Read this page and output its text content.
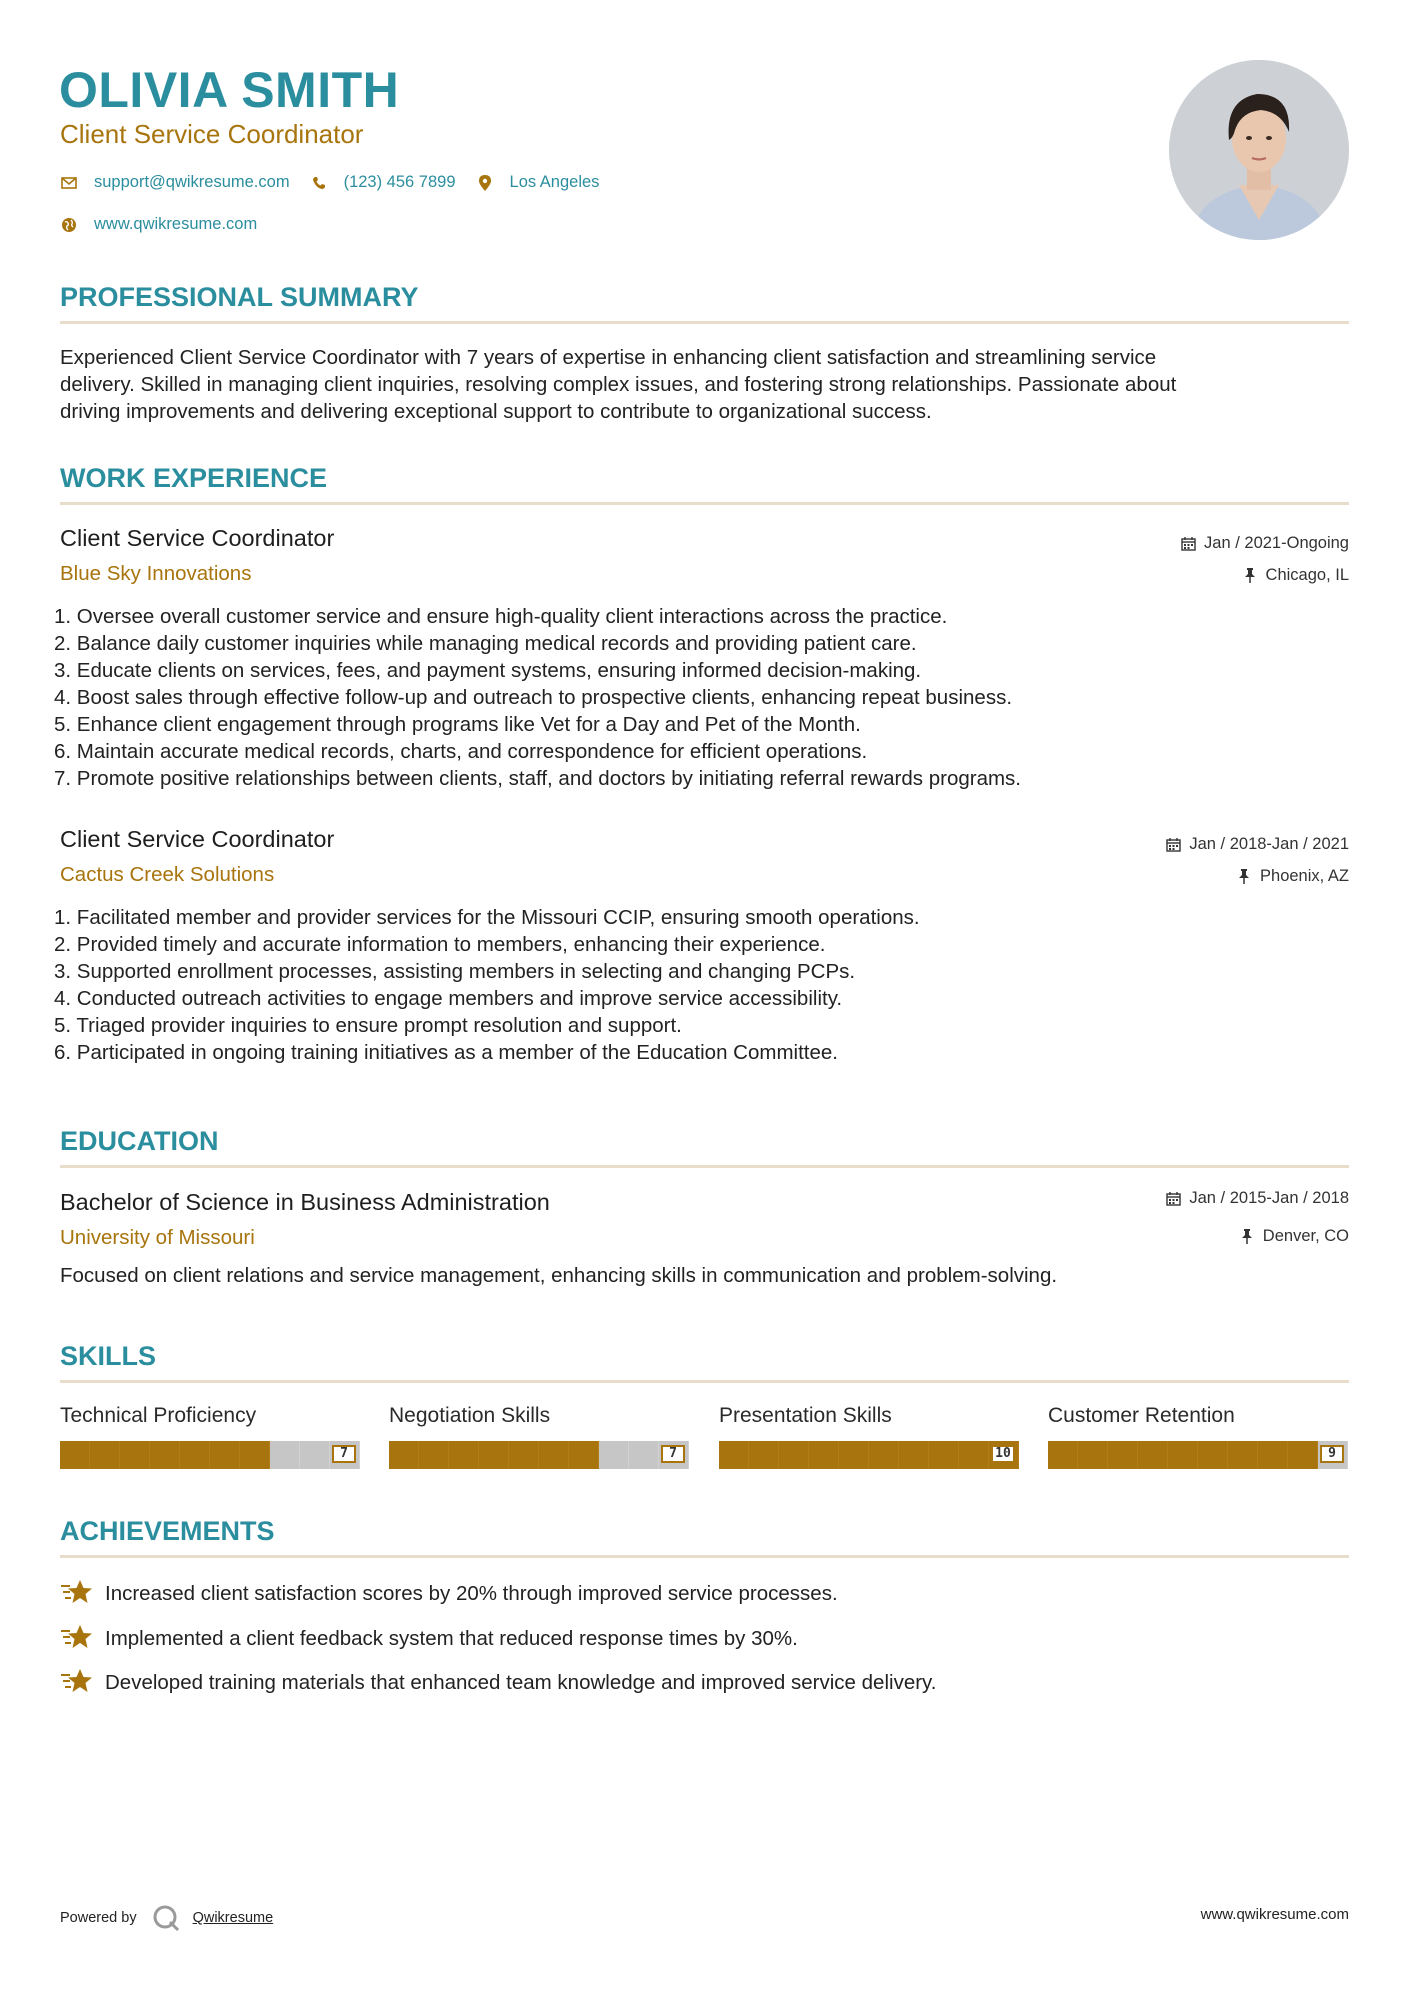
OLIVIA SMITH
Client Service Coordinator
support@qwikresume.com	(123) 456 7899	Los Angeles
www.qwikresume.com
PROFESSIONAL SUMMARY
Experienced Client Service Coordinator with 7 years of expertise in enhancing client satisfaction and streamlining service
delivery. Skilled in managing client inquiries, resolving complex issues, and fostering strong relationships. Passionate about
driving improvements and delivering exceptional support to contribute to organizational success.
WORK EXPERIENCE
Client Service Coordinator
Blue Sky Innovations
Jan / 2021-Ongoing
Chicago, IL
1. Oversee overall customer service and ensure high-quality client interactions across the practice.
2. Balance daily customer inquiries while managing medical records and providing patient care.
3. Educate clients on services, fees, and payment systems, ensuring informed decision-making.
4. Boost sales through effective follow-up and outreach to prospective clients, enhancing repeat business.
5. Enhance client engagement through programs like Vet for a Day and Pet of the Month.
6. Maintain accurate medical records, charts, and correspondence for efficient operations.
7. Promote positive relationships between clients, staff, and doctors by initiating referral rewards programs.
Client Service Coordinator
Cactus Creek Solutions
Jan / 2018-Jan / 2021
Phoenix, AZ
1. Facilitated member and provider services for the Missouri CCIP, ensuring smooth operations.
2. Provided timely and accurate information to members, enhancing their experience.
3. Supported enrollment processes, assisting members in selecting and changing PCPs.
4. Conducted outreach activities to engage members and improve service accessibility.
5. Triaged provider inquiries to ensure prompt resolution and support.
6. Participated in ongoing training initiatives as a member of the Education Committee.
EDUCATION
Bachelor of Science in Business Administration
University of Missouri
Jan / 2015-Jan / 2018
Denver, CO
Focused on client relations and service management, enhancing skills in communication and problem-solving.
SKILLS
Technical Proficiency
7
Negotiation Skills
7
Presentation Skills
10
Customer Retention
9
ACHIEVEMENTS
Increased client satisfaction scores by 20% through improved service processes.
Implemented a client feedback system that reduced response times by 30%.
Developed training materials that enhanced team knowledge and improved service delivery.
Powered by	Qwikresume	www.qwikresume.com
